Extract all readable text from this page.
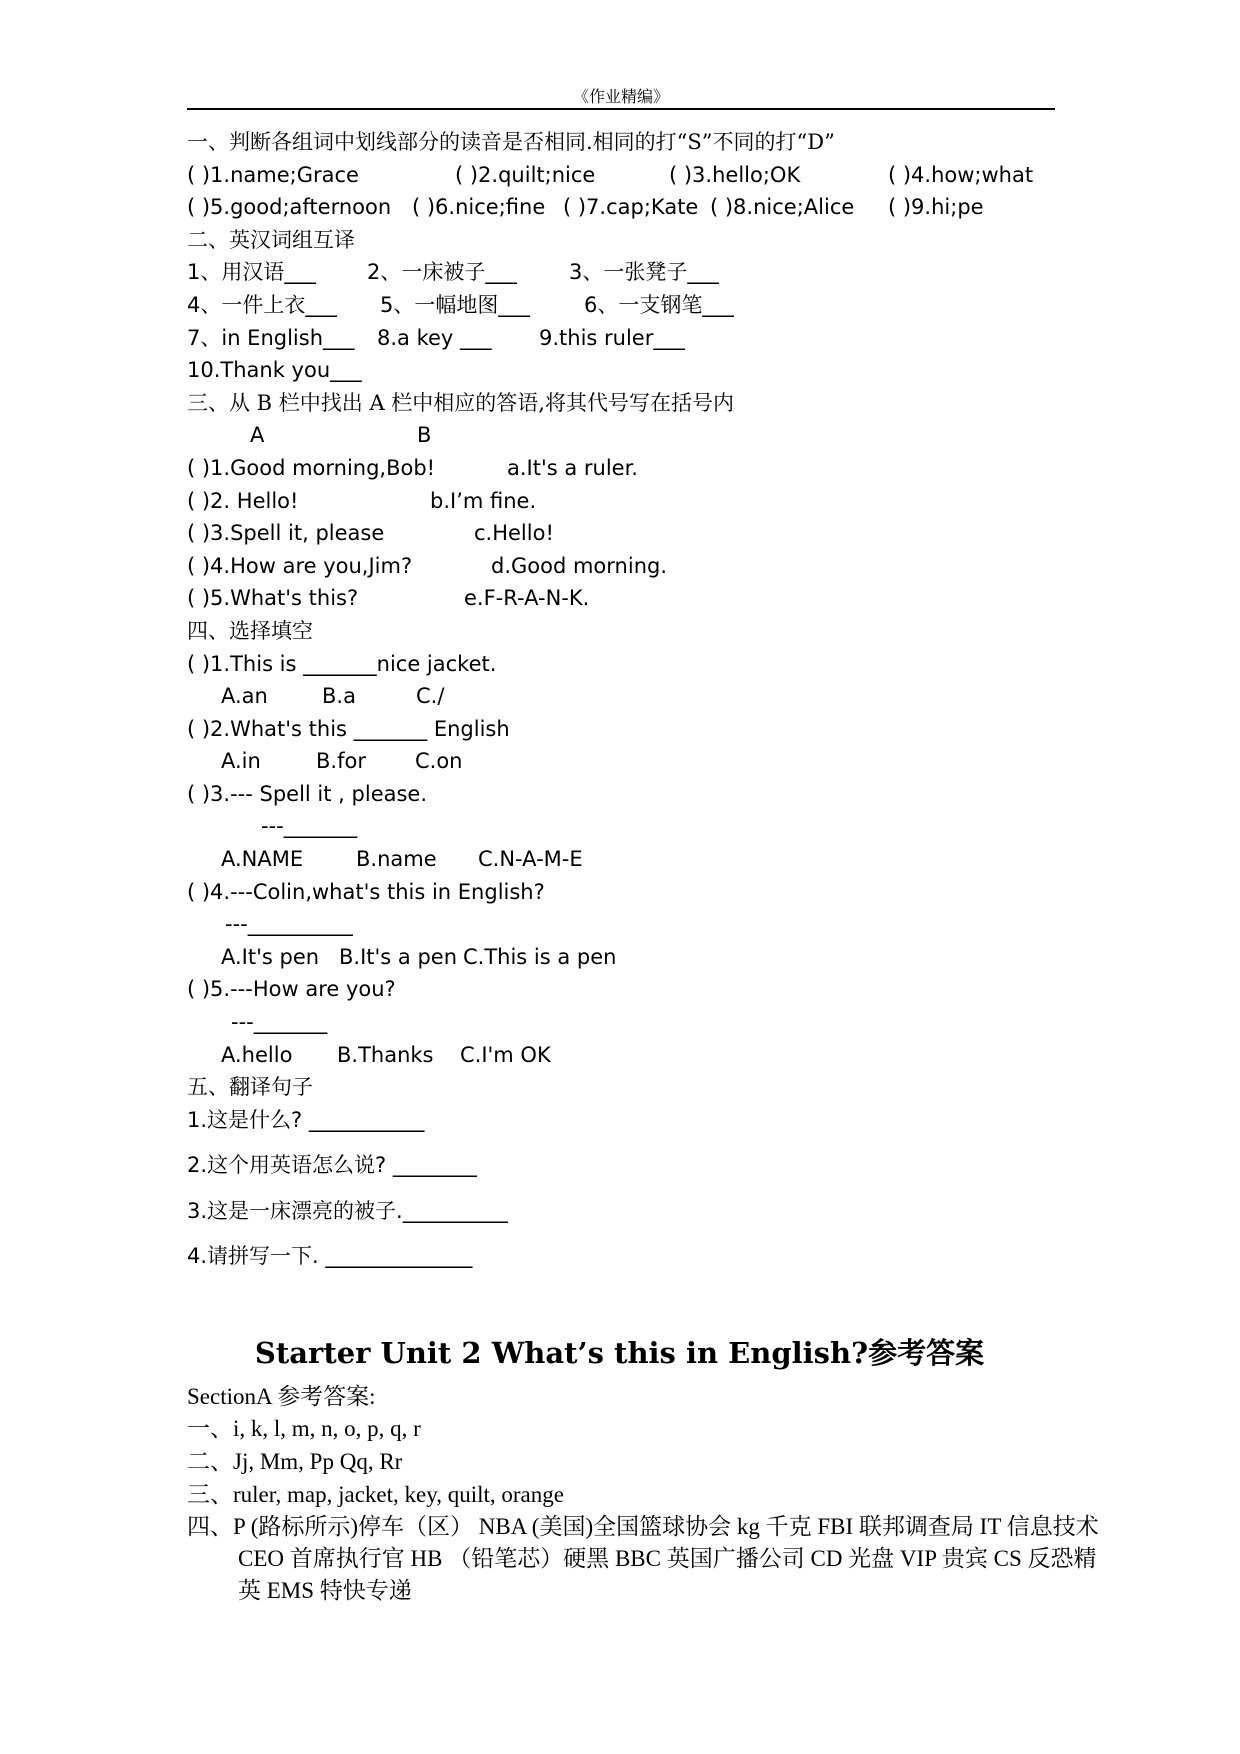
《作业精编》
一、判断各组词中划线部分的读音是否相同.相同的打“S”不同的打“D”
( )1.name;Grace	( )2.quilt;nice	( )3.hello;OK	( )4.how;what
( )5.good;afternoon ( )6.nice;fine ( )7.cap;Kate ( )8.nice;Alice ( )9.hi;pe
二、英汉词组互译
1、用汉语___ 2、一床被子___ 3、一张凳子___
4、一件上衣___ 5、一幅地图___	6、一支钢笔___
7、in English___ 8.a key ___ 9.this ruler___
10.Thank you___
三、从 B 栏中找出 A 栏中相应的答语,将其代号写在括号内
A	B
( )1.Good morning,Bob!	a.It's a ruler.
( )2. Hello!	b.I’m fine.
( )3.Spell it, please	c.Hello!
( )4.How are you,Jim?	d.Good morning.
( )5.What's this?	e.F-R-A-N-K.
四、选择填空
( )1.This is _______nice jacket.
A.an	B.a	C./
( )2.What's this _______ English
A.in	B.for C.on
( )3.--- Spell it , please.
---_______
A.NAME	B.name C.N-A-M-E
( )4.---Colin,what's this in English?
---__________
A.It's pen B.It's a pen C.This is a pen
( )5.---How are you?
---_______
A.hello B.Thanks C.I'm OK
五、翻译句子
1.这是什么? ___________
2.这个用英语怎么说? ________
3.这是一床漂亮的被子.__________
4.请拼写一下. ______________
Starter Unit 2 What’s this in English?参考答案
SectionA 参考答案:
一、i, k, l, m, n, o, p, q, r
二、Jj, Mm, Pp Qq, Rr
三、ruler, map, jacket, key, quilt, orange
四、P (路标所示)停车（区） NBA (美国)全国篮球协会 kg 千克 FBI 联邦调查局 IT 信息技术 CEO 首席执行官 HB （铅笔芯）硬黑 BBC 英国广播公司 CD 光盘 VIP 贵宾 CS 反恐精英 EMS 特快专递
